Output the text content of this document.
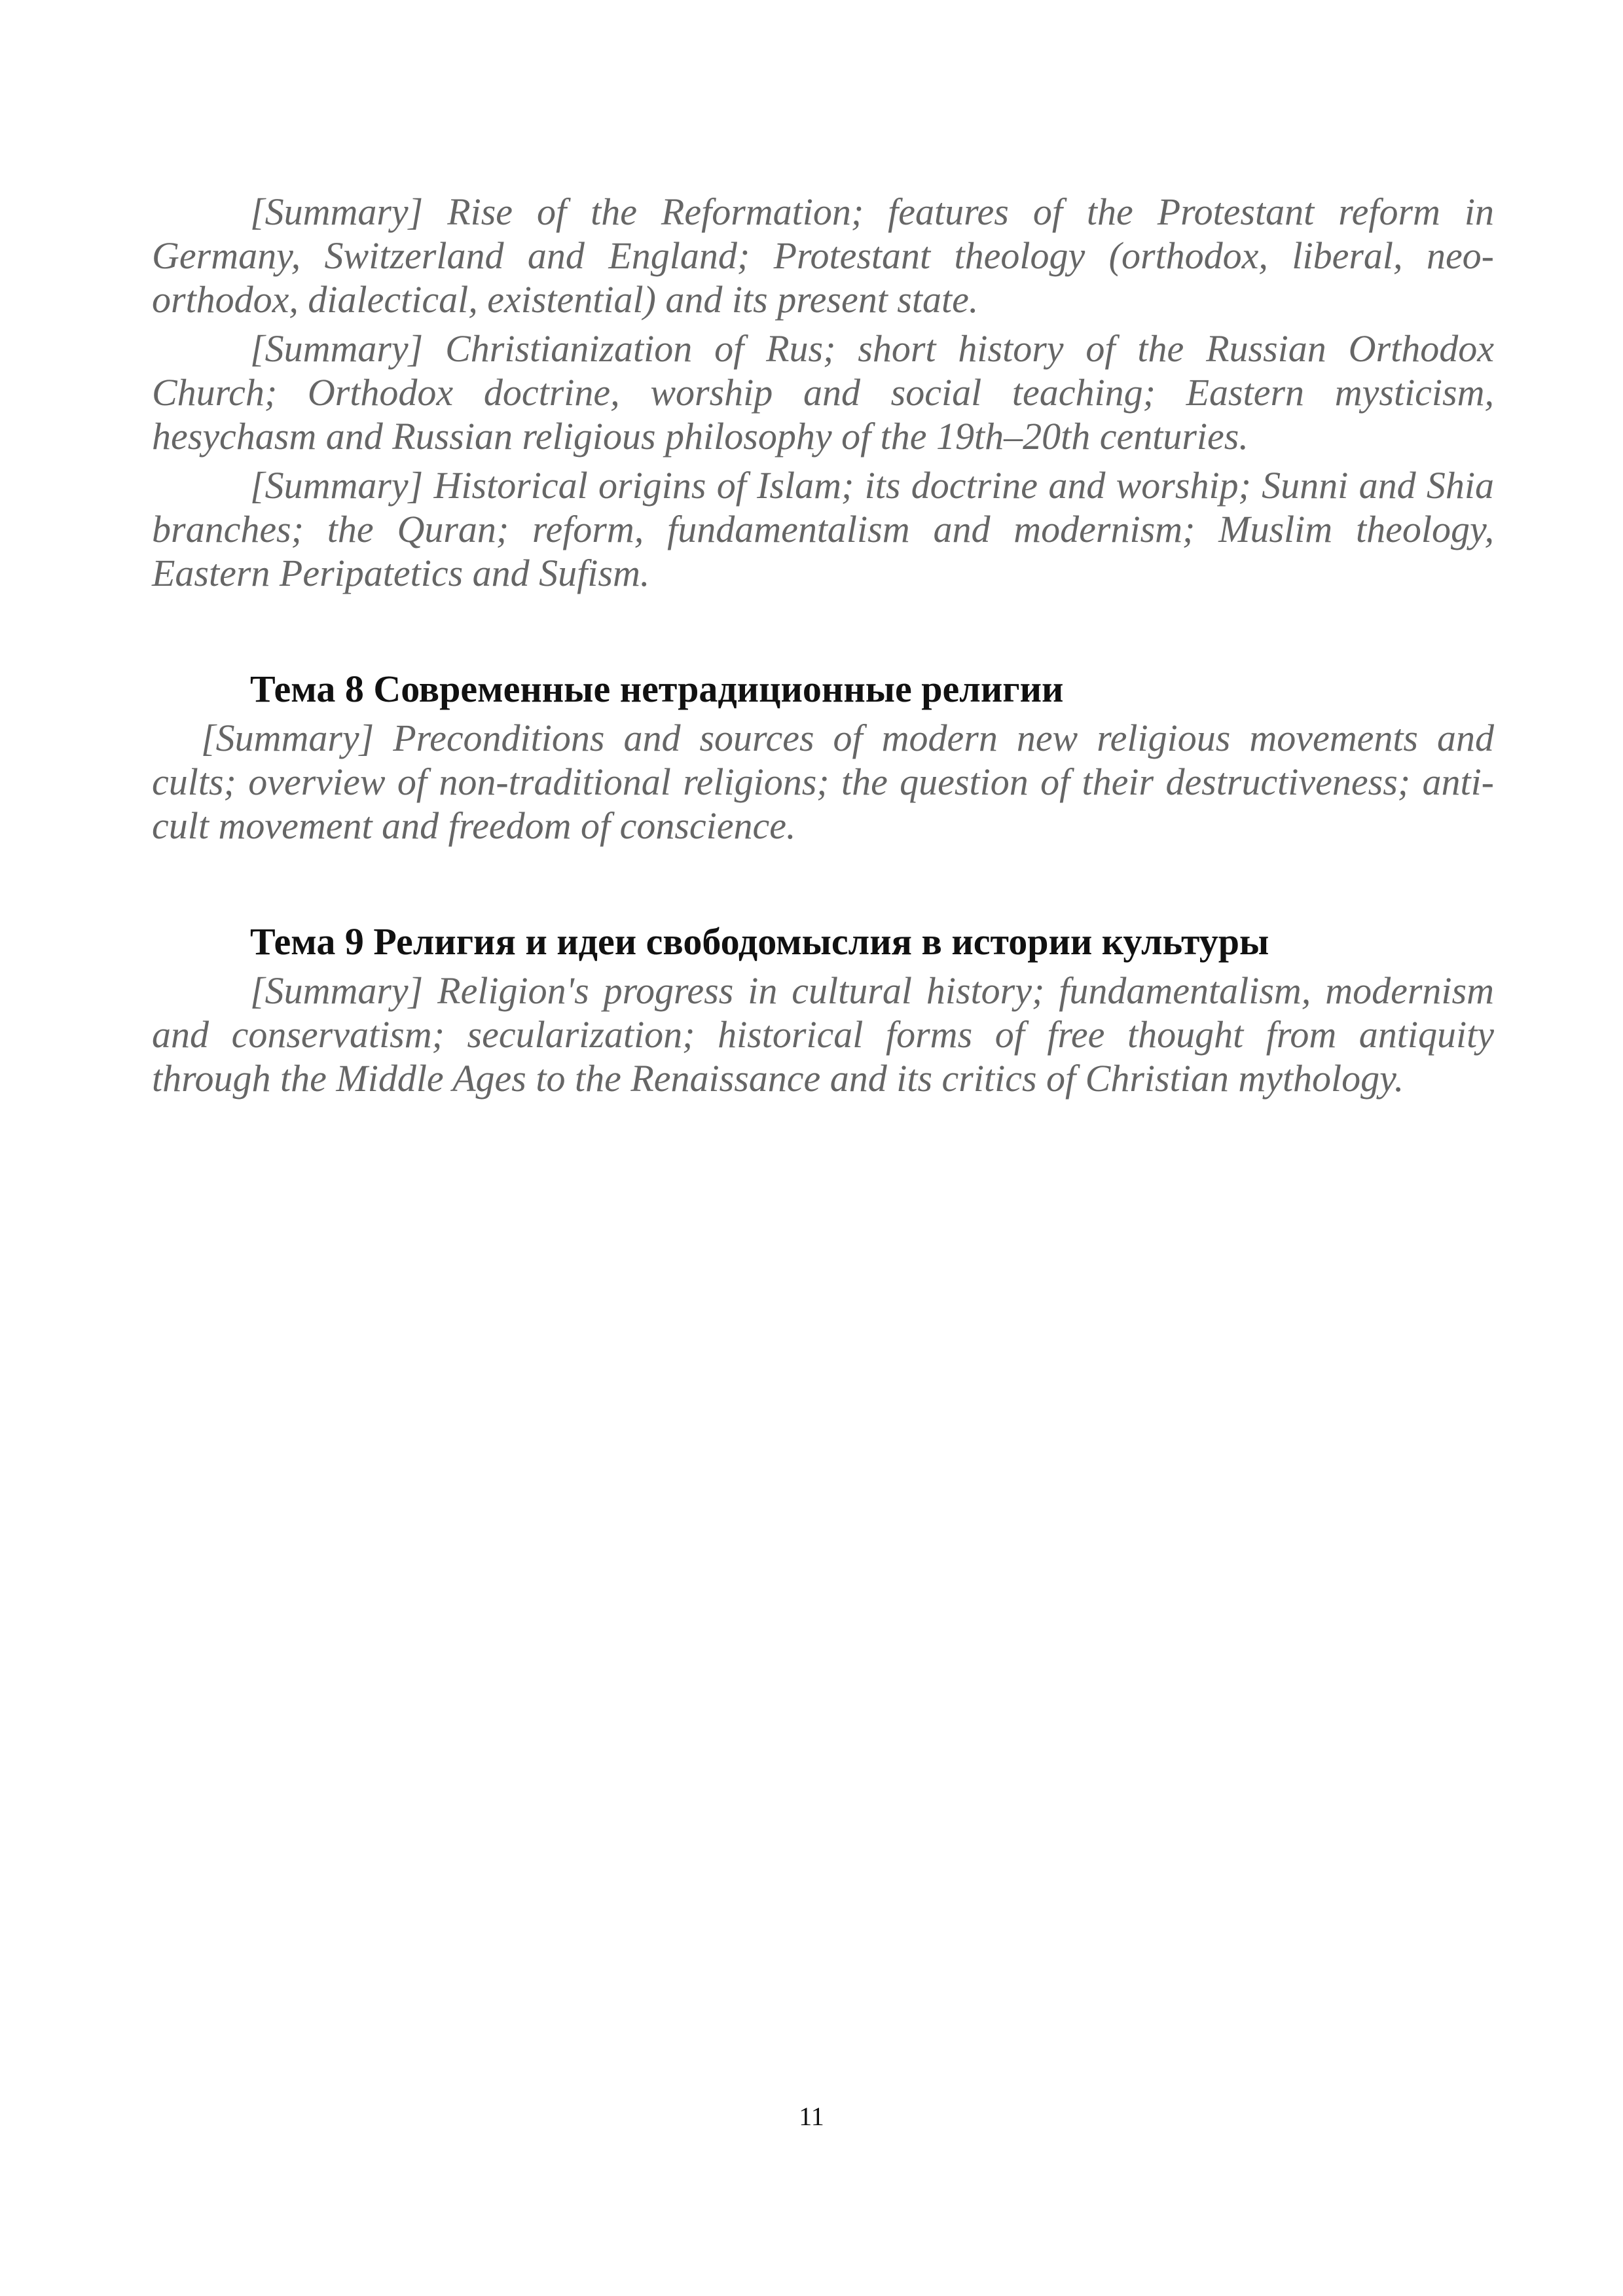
[Summary] Rise of the Reformation; features of the Protestant reform in Germany, Switzerland and England; Protestant theology (orthodox, liberal, neo-orthodox, dialectical, existential) and its present state.

[Summary] Christianization of Rus; short history of the Russian Orthodox Church; Orthodox doctrine, worship and social teaching; Eastern mysticism, hesychasm and Russian religious philosophy of the 19th–20th centuries.

[Summary] Historical origins of Islam; its doctrine and worship; Sunni and Shia branches; the Quran; reform, fundamentalism and modernism; Muslim theology, Eastern Peripatetics and Sufism.

Тема 8 Современные нетрадиционные религии

[Summary] Preconditions and sources of modern new religious movements and cults; overview of non-traditional religions; the question of their destructiveness; anti-cult movement and freedom of conscience.

Тема 9 Религия и идеи свободомыслия в истории культуры

[Summary] Religion's progress in cultural history; fundamentalism, modernism and conservatism; secularization; historical forms of free thought from antiquity through the Middle Ages to the Renaissance and its critics of Christian mythology.

11
